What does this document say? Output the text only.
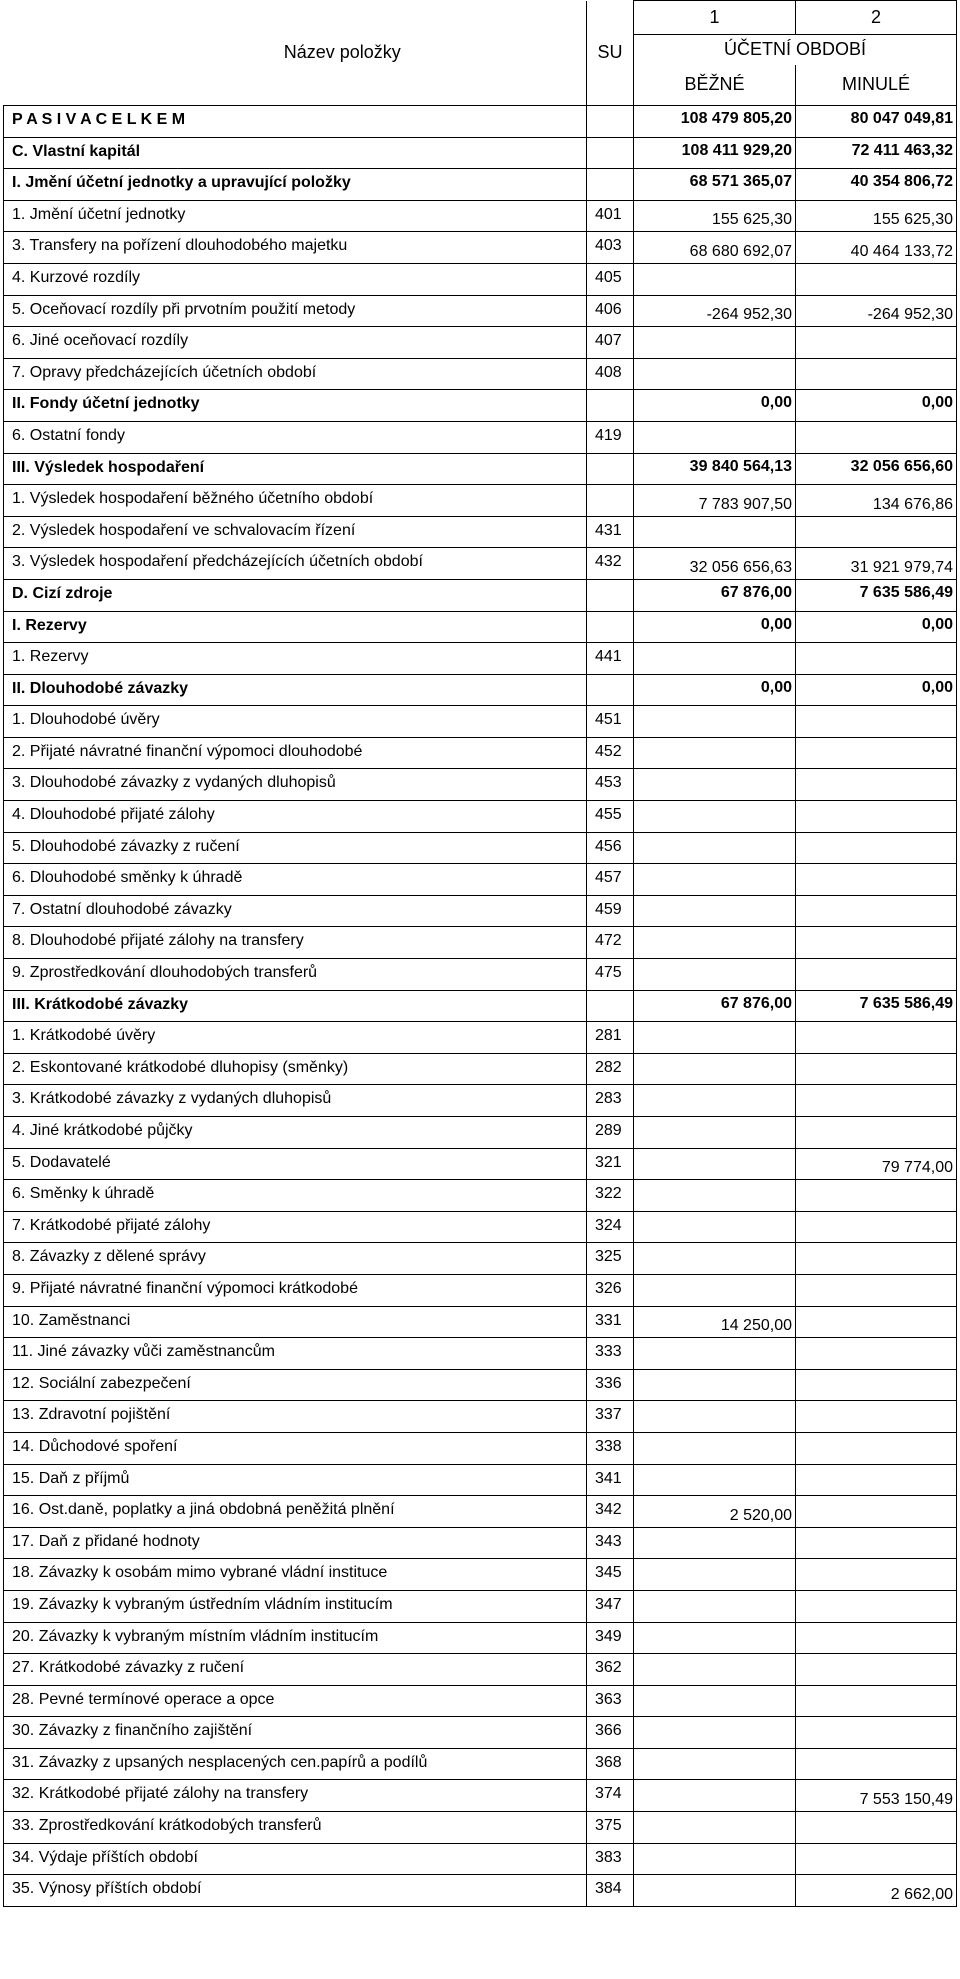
Název položky	SU	1	2
		ÚČETNÍ OBDOBÍ	
		BĚŽNÉ	MINULÉ
P A S I V A C E L K E M		108 479 805,20	80 047 049,81
C. Vlastní kapitál		108 411 929,20	72 411 463,32
I. Jmění účetní jednotky a upravující položky		68 571 365,07	40 354 806,72
1. Jmění účetní jednotky	401	155 625,30	155 625,30
3. Transfery na pořízení dlouhodobého majetku	403	68 680 692,07	40 464 133,72
4. Kurzové rozdíly	405		
5. Oceňovací rozdíly při prvotním použití metody	406	-264 952,30	-264 952,30
6. Jiné oceňovací rozdíly	407		
7. Opravy předcházejících účetních období	408		
II. Fondy účetní jednotky		0,00	0,00
6. Ostatní fondy	419		
III. Výsledek hospodaření		39 840 564,13	32 056 656,60
1. Výsledek hospodaření běžného účetního období		7 783 907,50	134 676,86
2. Výsledek hospodaření ve schvalovacím řízení	431		
3. Výsledek hospodaření předcházejících účetních období	432	32 056 656,63	31 921 979,74
D. Cizí zdroje		67 876,00	7 635 586,49
I. Rezervy		0,00	0,00
1. Rezervy	441		
II. Dlouhodobé závazky		0,00	0,00
1. Dlouhodobé úvěry	451		
2. Přijaté návratné finanční výpomoci dlouhodobé	452		
3. Dlouhodobé závazky z vydaných dluhopisů	453		
4. Dlouhodobé přijaté zálohy	455		
5. Dlouhodobé závazky z ručení	456		
6. Dlouhodobé směnky k úhradě	457		
7. Ostatní dlouhodobé závazky	459		
8. Dlouhodobé přijaté zálohy na transfery	472		
9. Zprostředkování dlouhodobých transferů	475		
III. Krátkodobé závazky		67 876,00	7 635 586,49
1. Krátkodobé úvěry	281		
2. Eskontované krátkodobé dluhopisy (směnky)	282		
3. Krátkodobé závazky z vydaných dluhopisů	283		
4. Jiné krátkodobé půjčky	289		
5. Dodavatelé	321		79 774,00
6. Směnky k úhradě	322		
7. Krátkodobé přijaté zálohy	324		
8. Závazky z dělené správy	325		
9. Přijaté návratné finanční výpomoci krátkodobé	326		
10. Zaměstnanci	331	14 250,00	
11. Jiné závazky vůči zaměstnancům	333		
12. Sociální zabezpečení	336		
13. Zdravotní pojištění	337		
14. Důchodové spoření	338		
15. Daň z příjmů	341		
16. Ost.daně, poplatky a jiná obdobná peněžitá plnění	342	2 520,00	
17. Daň z přidané hodnoty	343		
18. Závazky k osobám mimo vybrané vládní instituce	345		
19. Závazky k vybraným ústředním vládním institucím	347		
20. Závazky k vybraným místním vládním institucím	349		
27. Krátkodobé závazky z ručení	362		
28. Pevné termínové operace a opce	363		
30. Závazky z finančního zajištění	366		
31. Závazky z upsaných nesplacených cen.papírů a podílů	368		
32. Krátkodobé přijaté zálohy na transfery	374		7 553 150,49
33. Zprostředkování krátkodobých transferů	375		
34. Výdaje příštích období	383		
35. Výnosy příštích období	384		2 662,00
